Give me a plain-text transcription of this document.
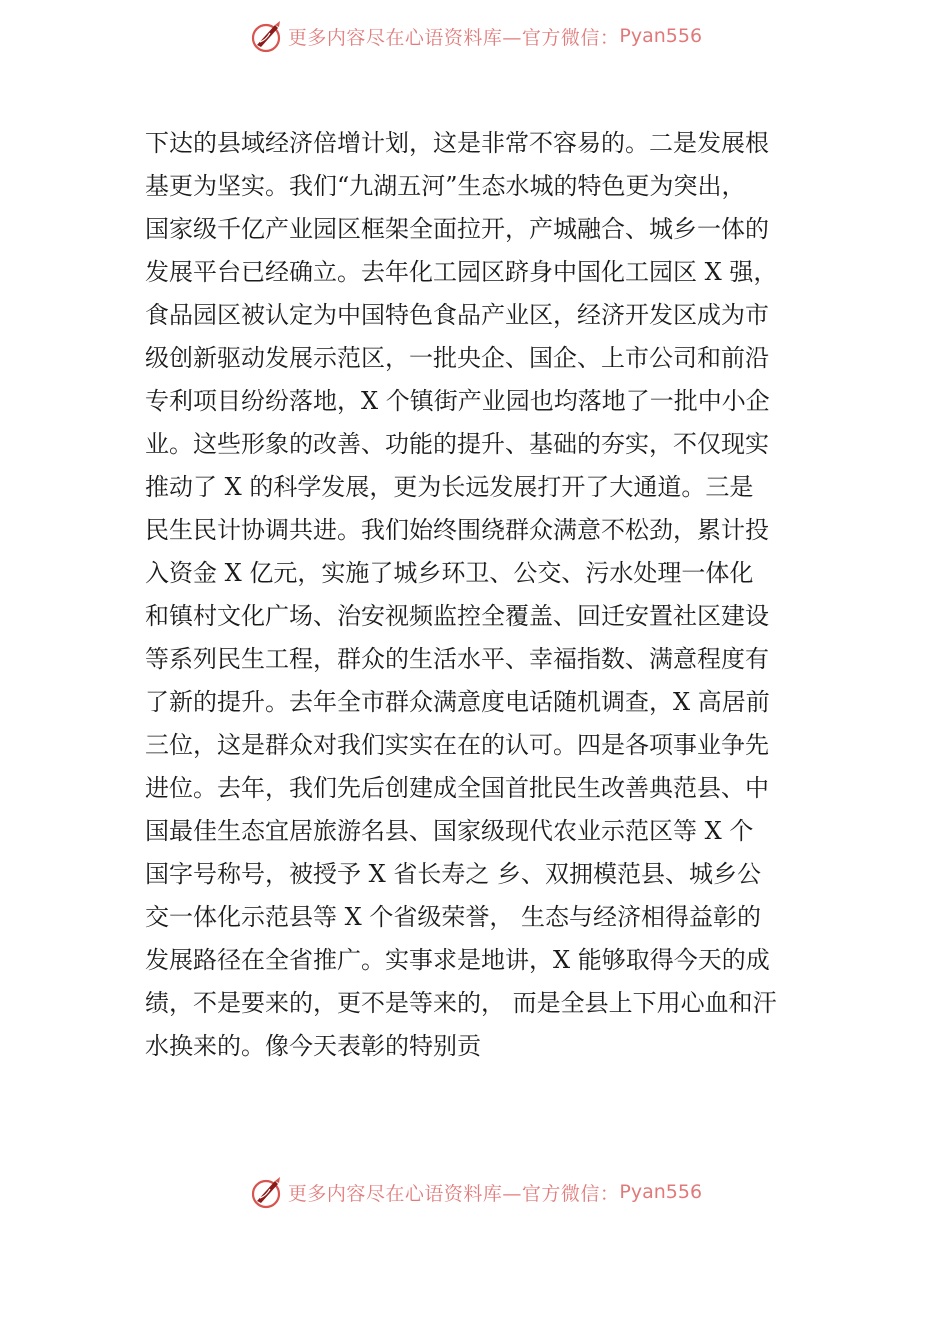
更多内容尽在心语资料库—官方微信： Pyan556
下达的县域经济倍增计划，这是非常不容易的。二是发展根
基更为坚实。我们“九湖五河”生态水城的特色更为突出，
国家级千亿产业园区框架全面拉开，产城融合、城乡一体的
发展平台已经确立。去年化工园区跻身中国化工园区 X 强，
食品园区被认定为中国特色食品产业区，经济开发区成为市
级创新驱动发展示范区，一批央企、国企、上市公司和前沿
专利项目纷纷落地，X 个镇街产业园也均落地了一批中小企
业。这些形象的改善、功能的提升、基础的夯实，不仅现实
推动了 X 的科学发展，更为长远发展打开了大通道。三是
民生民计协调共进。我们始终围绕群众满意不松劲，累计投
入资金 X 亿元，实施了城乡环卫、公交、污水处理一体化
和镇村文化广场、治安视频监控全覆盖、回迁安置社区建设
等系列民生工程，群众的生活水平、幸福指数、满意程度有
了新的提升。去年全市群众满意度电话随机调查，X 高居前
三位，这是群众对我们实实在在的认可。四是各项事业争先
进位。去年，我们先后创建成全国首批民生改善典范县、中
国最佳生态宜居旅游名县、国家级现代农业示范区等 X 个
国字号称号，被授予 X 省长寿之 乡、双拥模范县、城乡公
交一体化示范县等 X 个省级荣誉， 生态与经济相得益彰的
发展路径在全省推广。实事求是地讲，X 能够取得今天的成
绩，不是要来的，更不是等来的， 而是全县上下用心血和汗
水换来的。像今天表彰的特别贡
更多内容尽在心语资料库—官方微信： Pyan556
